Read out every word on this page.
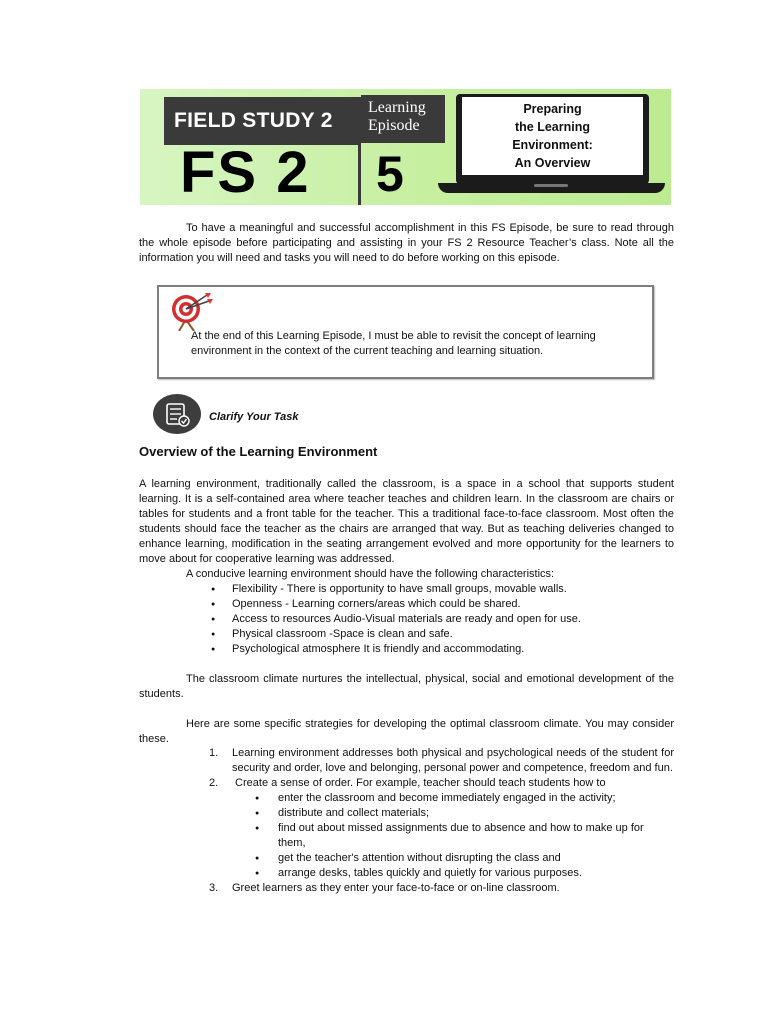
FIELD STUDY 2
FS 2
Learning
Episode
5
Preparing
the Learning
Environment:
An Overview

To have a meaningful and successful accomplishment in this FS Episode, be sure to read through the whole episode before participating and assisting in your FS 2 Resource Teacher’s class. Note all the information you will need and tasks you will need to do before working on this episode.

At the end of this Learning Episode, I must be able to revisit the concept of learning environment in the context of the current teaching and learning situation.
Clarify Your Task
Overview of the Learning Environment

A learning environment, traditionally called the classroom, is a space in a school that supports student learning. It is a self-contained area where teacher teaches and children learn. In the classroom are chairs or tables for students and a front table for the teacher. This a traditional face-to-face classroom. Most often the students should face the teacher as the chairs are arranged that way. But as teaching deliveries changed to enhance learning, modification in the seating arrangement evolved and more opportunity for the learners to move about for cooperative learning was addressed.

A conducive learning environment should have the following characteristics:

● Flexibility - There is opportunity to have small groups, movable walls.
● Openness - Learning corners/areas which could be shared.
● Access to resources Audio-Visual materials are ready and open for use.
● Physical classroom -Space is clean and safe.
● Psychological atmosphere It is friendly and accommodating.

The classroom climate nurtures the intellectual, physical, social and emotional development of the students.

Here are some specific strategies for developing the optimal classroom climate. You may consider these.

1. Learning environment addresses both physical and psychological needs of the student for security and order, love and belonging, personal power and competence, freedom and fun.
2. Create a sense of order. For example, teacher should teach students how to
● enter the classroom and become immediately engaged in the activity;
● distribute and collect materials;
● find out about missed assignments due to absence and how to make up for them,
● get the teacher's attention without disrupting the class and
● arrange desks, tables quickly and quietly for various purposes.
3. Greet learners as they enter your face-to-face or on-line classroom.
